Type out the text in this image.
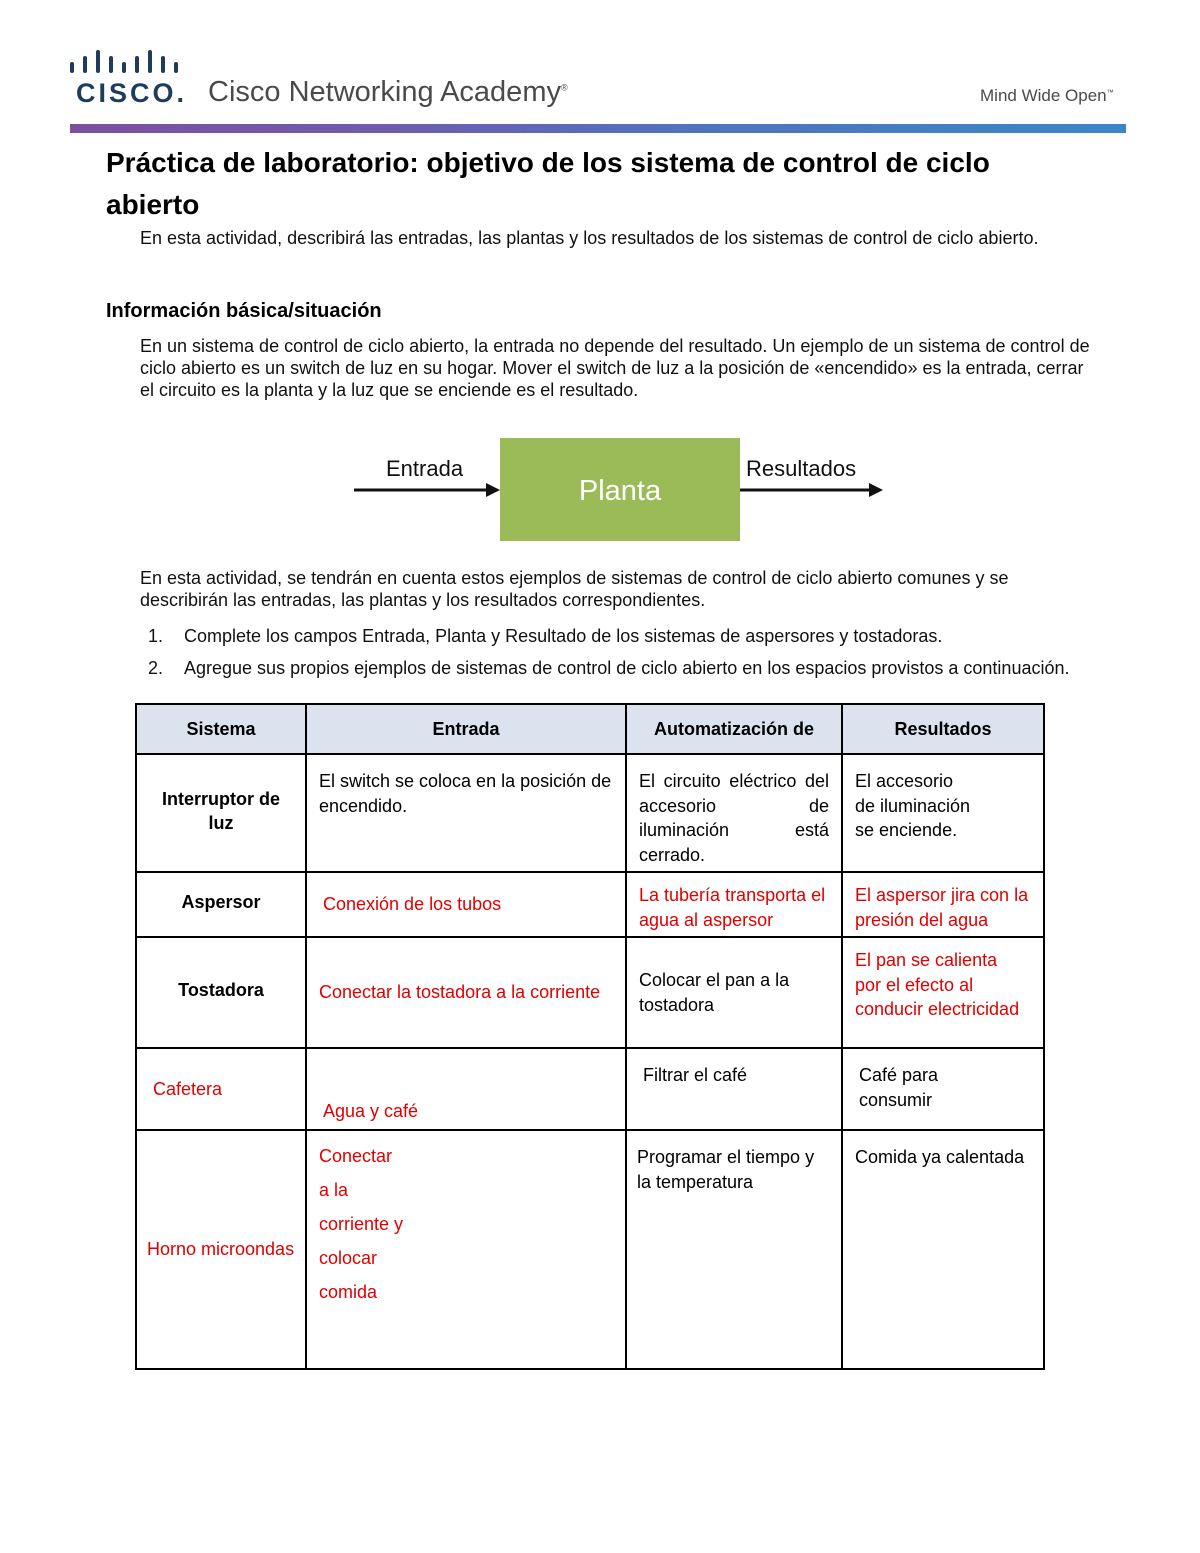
CISCO. Cisco Networking Academy®	Mind Wide Open™
Práctica de laboratorio: objetivo de los sistema de control de ciclo abierto
En esta actividad, describirá las entradas, las plantas y los resultados de los sistemas de control de ciclo abierto.
Información básica/situación
En un sistema de control de ciclo abierto, la entrada no depende del resultado. Un ejemplo de un sistema de control de ciclo abierto es un switch de luz en su hogar. Mover el switch de luz a la posición de «encendido» es la entrada, cerrar el circuito es la planta y la luz que se enciende es el resultado.
Entrada
Planta
Resultados
En esta actividad, se tendrán en cuenta estos ejemplos de sistemas de control de ciclo abierto comunes y se describirán las entradas, las plantas y los resultados correspondientes.
1. Complete los campos Entrada, Planta y Resultado de los sistemas de aspersores y tostadoras.
2. Agregue sus propios ejemplos de sistemas de control de ciclo abierto en los espacios provistos a continuación.
Sistema	Entrada	Automatización de	Resultados

Interruptor de luz	El switch se coloca en la posición de encendido.	El circuito eléctrico del accesorio de iluminación está cerrado.	El accesorio de iluminación se enciende.

Aspersor	Conexión de los tubos	La tubería transporta el agua al aspersor	El aspersor jira con la presión del agua

Tostadora	Conectar la tostadora a la corriente	Colocar el pan a la tostadora	El pan se calienta por el efecto al conducir electricidad

Cafetera	Agua y café	Filtrar el café	Café para consumir

Horno microondas	Conectar a la corriente y colocar comida	Programar el tiempo y la temperatura	Comida ya calentada
